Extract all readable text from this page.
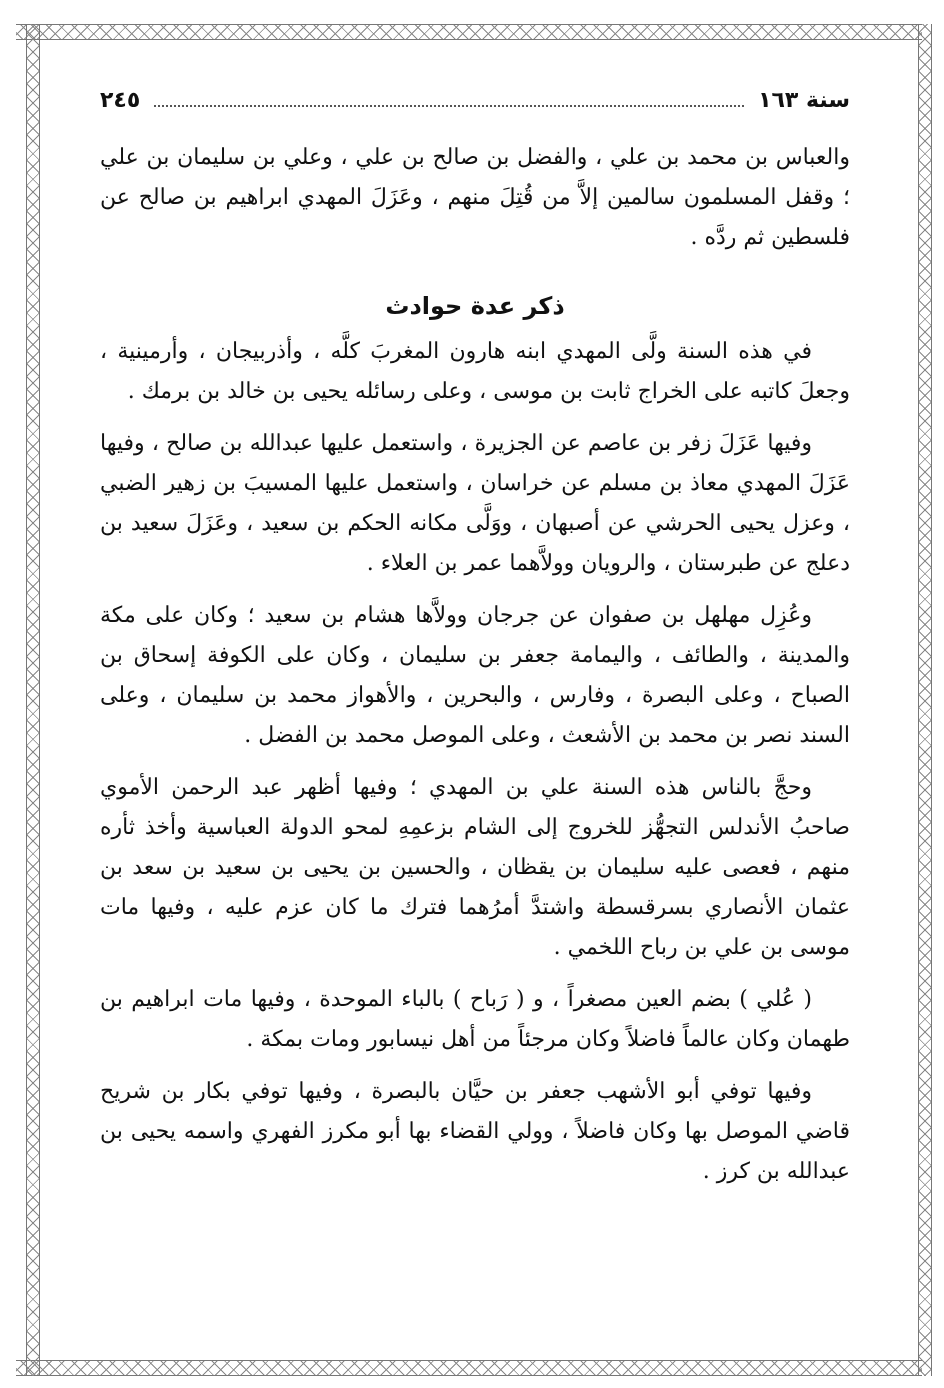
سنة ١٦٣
٢٤٥

والعباس بن محمد بن علي ، والفضل بن صالح بن علي ، وعلي بن سليمان بن علي ؛ وقفل المسلمون سالمين إلاَّ من قُتِلَ منهم ، وعَزَلَ المهدي ابراهيم بن صالح عن فلسطين ثم ردَّه .

ذكر عدة حوادث

في هذه السنة ولَّى المهدي ابنه هارون المغربَ كلَّه ، وأذربيجان ، وأرمينية ، وجعلَ كاتبه على الخراج ثابت بن موسى ، وعلى رسائله يحيى بن خالد بن برمك .

وفيها عَزَلَ زفر بن عاصم عن الجزيرة ، واستعمل عليها عبدالله بن صالح ، وفيها عَزَلَ المهدي معاذ بن مسلم عن خراسان ، واستعمل عليها المسيبَ بن زهير الضبي ، وعزل يحيى الحرشي عن أصبهان ، ووَلَّى مكانه الحكم بن سعيد ، وعَزَلَ سعيد بن دعلج عن طبرستان ، والرويان وولاَّهما عمر بن العلاء .

وعُزِل مهلهل بن صفوان عن جرجان وولاَّها هشام بن سعيد ؛ وكان على مكة والمدينة ، والطائف ، واليمامة جعفر بن سليمان ، وكان على الكوفة إسحاق بن الصباح ، وعلى البصرة ، وفارس ، والبحرين ، والأهواز محمد بن سليمان ، وعلى السند نصر بن محمد بن الأشعث ، وعلى الموصل محمد بن الفضل .

وحجَّ بالناس هذه السنة علي بن المهدي ؛ وفيها أظهر عبد الرحمن الأموي صاحبُ الأندلس التجهُّز للخروج إلى الشام بزعمِهِ لمحو الدولة العباسية وأخذ ثأره منهم ، فعصى عليه سليمان بن يقظان ، والحسين بن يحيى بن سعيد بن سعد بن عثمان الأنصاري بسرقسطة واشتدَّ أمرُهما فترك ما كان عزم عليه ، وفيها مات موسى بن علي بن رباح اللخمي .

( عُلي ) بضم العين مصغراً ، و ( رَباح ) بالباء الموحدة ، وفيها مات ابراهيم بن طهمان وكان عالماً فاضلاً وكان مرجئاً من أهل نيسابور ومات بمكة .

وفيها توفي أبو الأشهب جعفر بن حيَّان بالبصرة ، وفيها توفي بكار بن شريح قاضي الموصل بها وكان فاضلاً ، وولي القضاء بها أبو مكرز الفهري واسمه يحيى بن عبدالله بن كرز .
